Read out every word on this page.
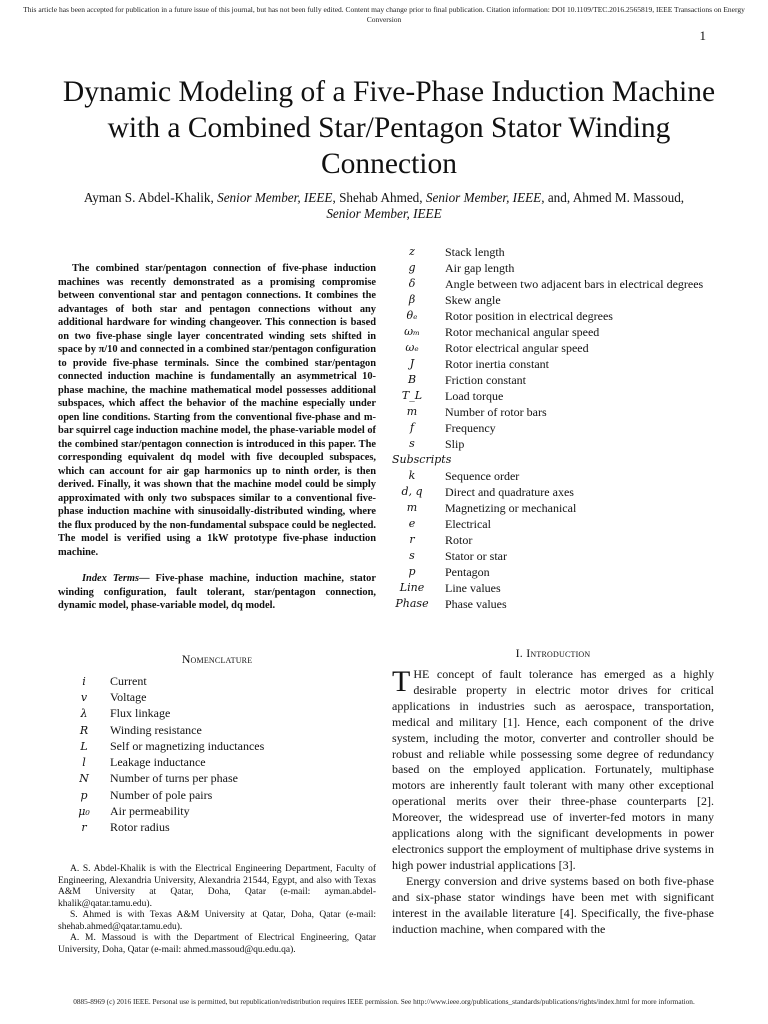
This article has been accepted for publication in a future issue of this journal, but has not been fully edited. Content may change prior to final publication. Citation information: DOI 10.1109/TEC.2016.2565819, IEEE Transactions on Energy Conversion
1
Dynamic Modeling of a Five-Phase Induction Machine with a Combined Star/Pentagon Stator Winding Connection
Ayman S. Abdel-Khalik, Senior Member, IEEE, Shehab Ahmed, Senior Member, IEEE, and, Ahmed M. Massoud, Senior Member, IEEE

The combined star/pentagon connection of five-phase induction machines was recently demonstrated as a promising compromise between conventional star and pentagon connections. It combines the advantages of both star and pentagon connections without any additional hardware for winding changeover. This connection is based on two five-phase single layer concentrated winding sets shifted in space by π/10 and connected in a combined star/pentagon configuration to provide five-phase terminals. Since the combined star/pentagon connected induction machine is fundamentally an asymmetrical 10-phase machine, the machine mathematical model possesses additional subspaces, which affect the behavior of the machine especially under open line conditions. Starting from the conventional five-phase and m-bar squirrel cage induction machine model, the phase-variable model of the combined star/pentagon connection is introduced in this paper. The corresponding equivalent dq model with five decoupled subspaces, which can account for air gap harmonics up to ninth order, is then derived. Finally, it was shown that the machine model could be simply approximated with only two subspaces similar to a conventional five-phase induction machine with sinusoidally-distributed winding, where the flux produced by the non-fundamental subspace could be neglected. The model is verified using a 1kW prototype five-phase induction machine.

Index Terms— Five-phase machine, induction machine, stator winding configuration, fault tolerant, star/pentagon connection, dynamic model, phase-variable model, dq model.

Nomenclature
i	Current
v	Voltage
λ	Flux linkage
R	Winding resistance
L	Self or magnetizing inductances
l	Leakage inductance
N	Number of turns per phase
p	Number of pole pairs
μ₀	Air permeability
r	Rotor radius

A. S. Abdel-Khalik is with the Electrical Engineering Department, Faculty of Engineering, Alexandria University, Alexandria 21544, Egypt, and also with Texas A&M University at Qatar, Doha, Qatar (e-mail: ayman.abdel-khalik@qatar.tamu.edu).

S. Ahmed is with Texas A&M University at Qatar, Doha, Qatar (e-mail: shehab.ahmed@qatar.tamu.edu).

A. M. Massoud is with the Department of Electrical Engineering, Qatar University, Doha, Qatar (e-mail: ahmed.massoud@qu.edu.qa).

z	Stack length
g	Air gap length
δ	Angle between two adjacent bars in electrical degrees
β	Skew angle
θₑ	Rotor position in electrical degrees
ωₘ	Rotor mechanical angular speed
ωₑ	Rotor electrical angular speed
J	Rotor inertia constant
B	Friction constant
T_L	Load torque
m	Number of rotor bars
f	Frequency
s	Slip
Subscripts
k	Sequence order
d, q	Direct and quadrature axes
m	Magnetizing or mechanical
e	Electrical
r	Rotor
s	Stator or star
p	Pentagon
Line	Line values
Phase	Phase values
I. Introduction

THE concept of fault tolerance has emerged as a highly desirable property in electric motor drives for critical applications in industries such as aerospace, transportation, medical and military [1]. Hence, each component of the drive system, including the motor, converter and controller should be robust and reliable while possessing some degree of redundancy based on the employed application. Fortunately, multiphase motors are inherently fault tolerant with many other exceptional operational merits over their three-phase counterparts [2]. Moreover, the widespread use of inverter-fed motors in many applications along with the significant developments in power electronics support the employment of multiphase drive systems in high power industrial applications [3].

Energy conversion and drive systems based on both five-phase and six-phase stator windings have been met with significant interest in the available literature [4]. Specifically, the five-phase induction machine, when compared with the

0885-8969 (c) 2016 IEEE. Personal use is permitted, but republication/redistribution requires IEEE permission. See http://www.ieee.org/publications_standards/publications/rights/index.html for more information.
